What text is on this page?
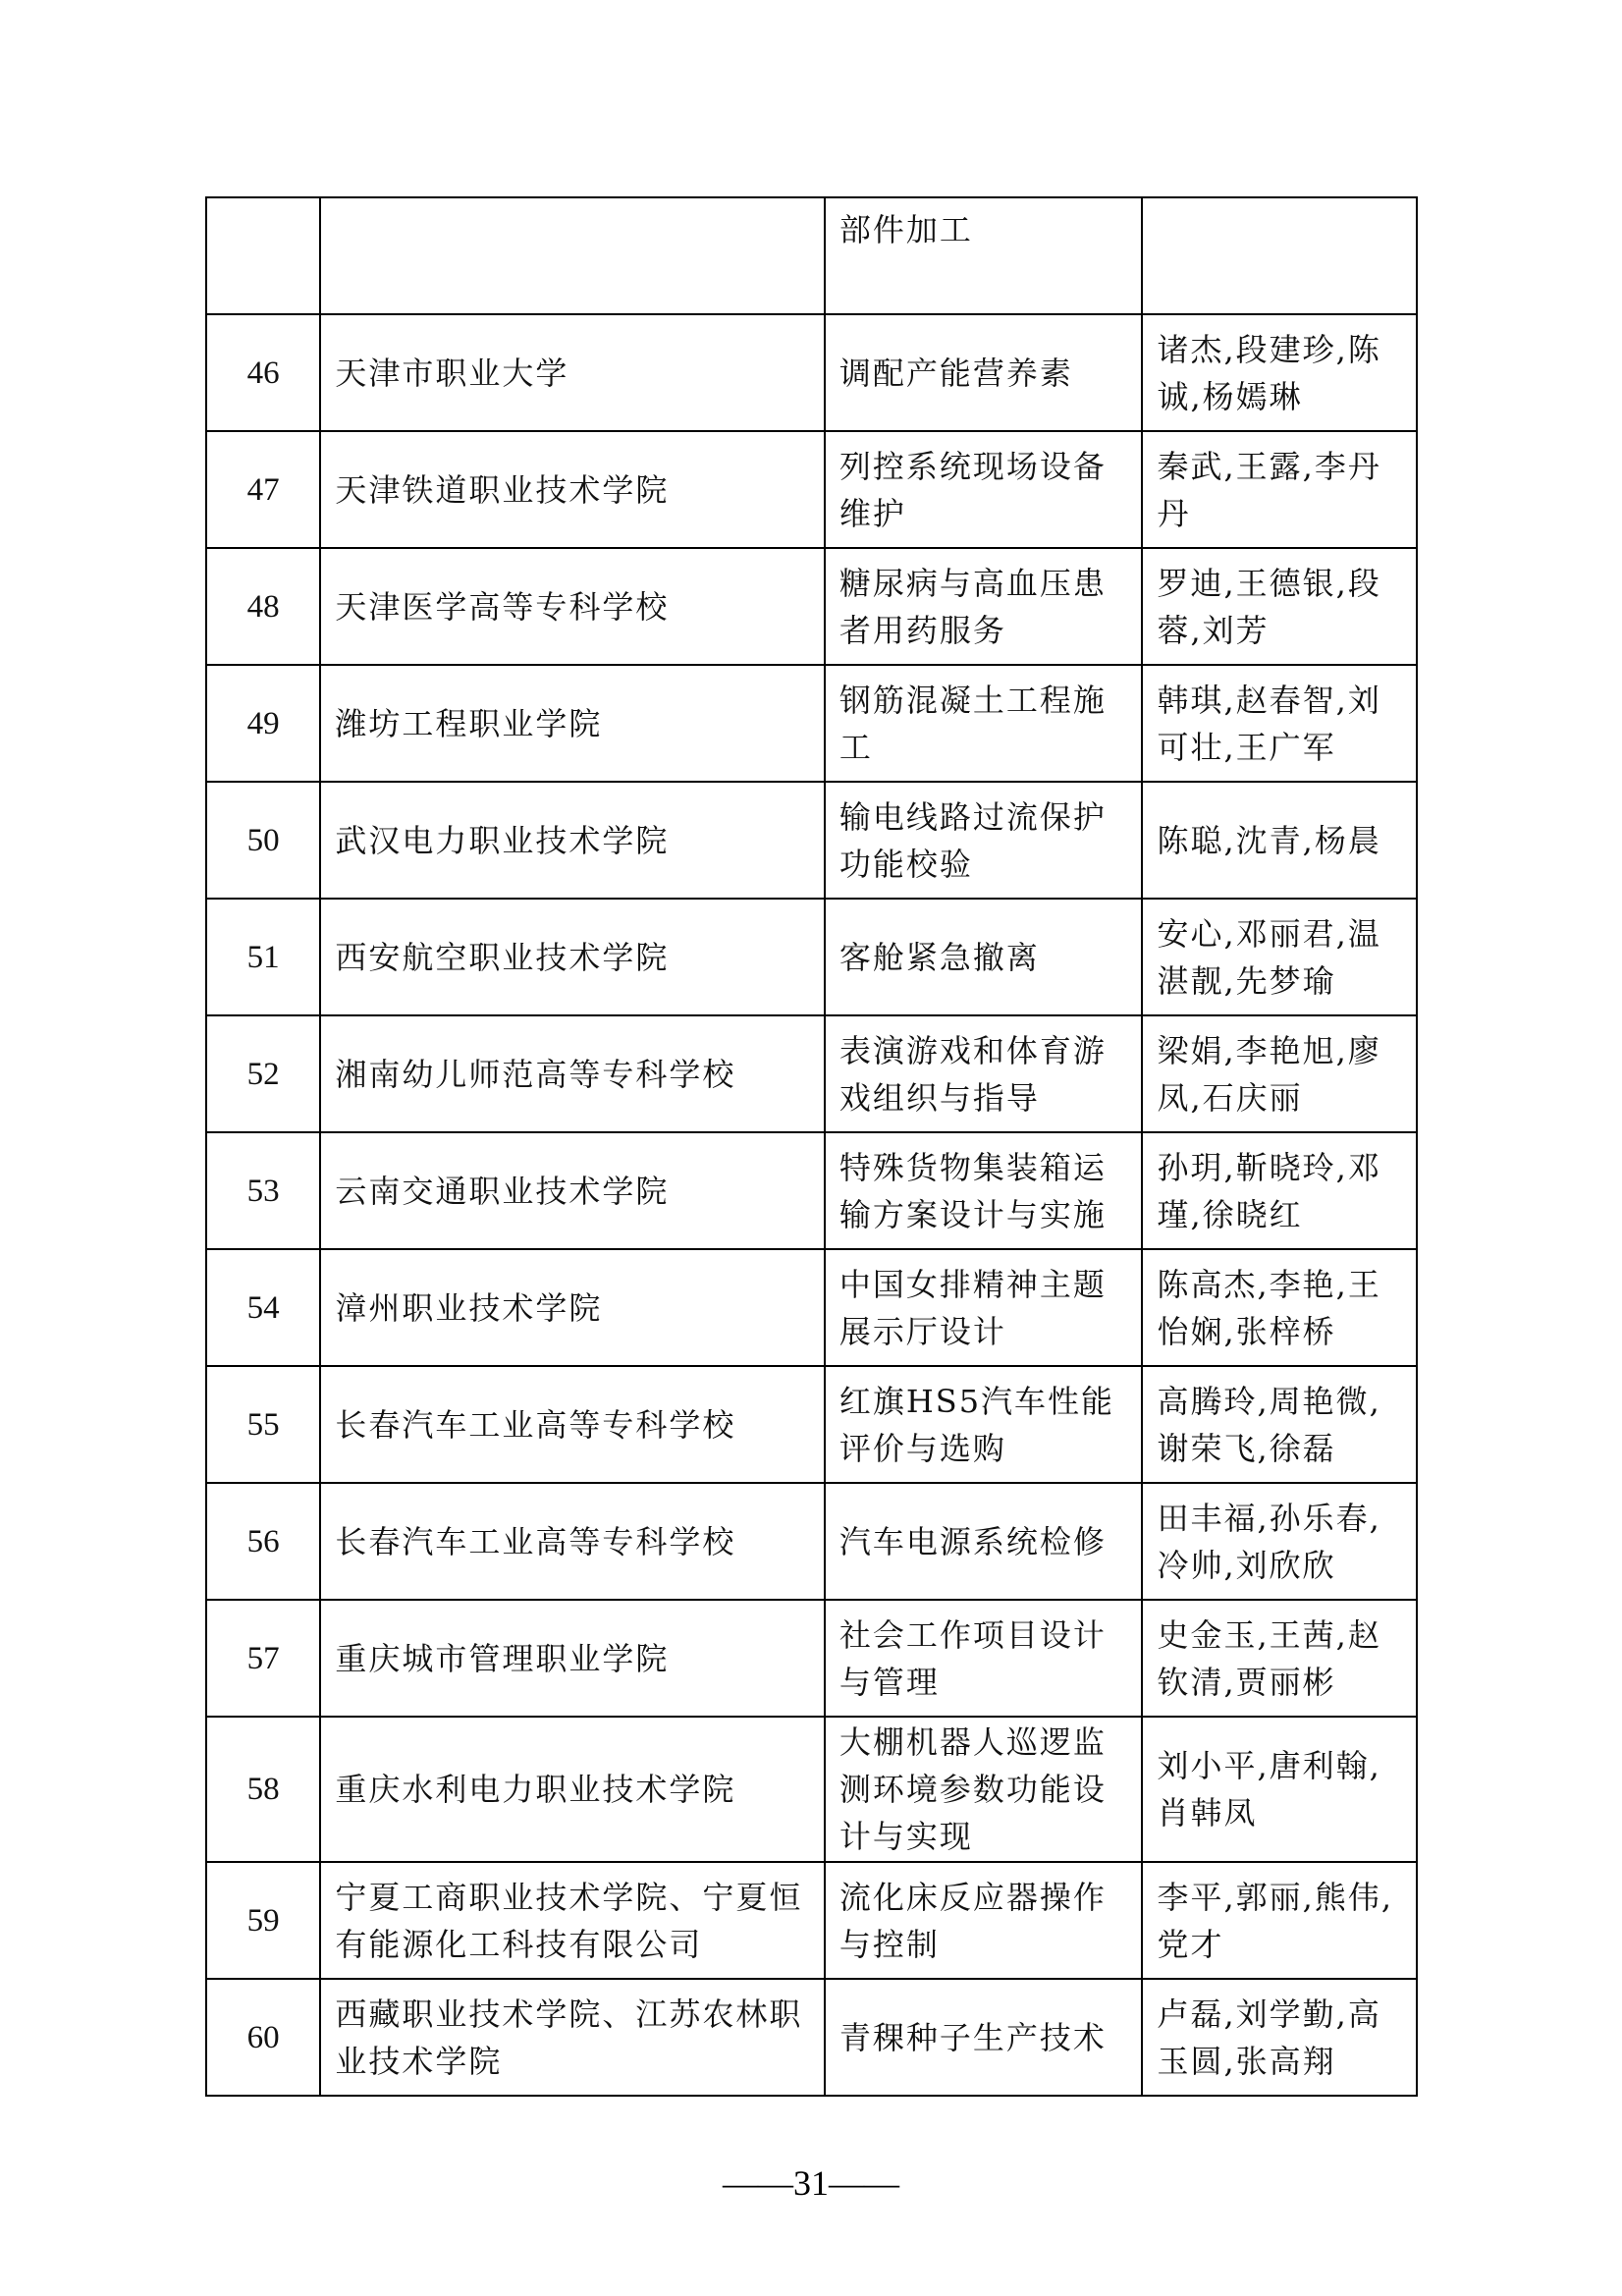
		部件加工	
46	天津市职业大学	调配产能营养素	诸杰,段建珍,陈诚,杨嫣琳
47	天津铁道职业技术学院	列控系统现场设备维护	秦武,王露,李丹丹
48	天津医学高等专科学校	糖尿病与高血压患者用药服务	罗迪,王德银,段蓉,刘芳
49	潍坊工程职业学院	钢筋混凝土工程施工	韩琪,赵春智,刘可壮,王广军
50	武汉电力职业技术学院	输电线路过流保护功能校验	陈聪,沈青,杨晨
51	西安航空职业技术学院	客舱紧急撤离	安心,邓丽君,温湛靓,先梦瑜
52	湘南幼儿师范高等专科学校	表演游戏和体育游戏组织与指导	梁娟,李艳旭,廖凤,石庆丽
53	云南交通职业技术学院	特殊货物集装箱运输方案设计与实施	孙玥,靳晓玲,邓瑾,徐晓红
54	漳州职业技术学院	中国女排精神主题展示厅设计	陈高杰,李艳,王怡娴,张梓桥
55	长春汽车工业高等专科学校	红旗HS5汽车性能评价与选购	高腾玲,周艳微,谢荣飞,徐磊
56	长春汽车工业高等专科学校	汽车电源系统检修	田丰福,孙乐春,冷帅,刘欣欣
57	重庆城市管理职业学院	社会工作项目设计与管理	史金玉,王茜,赵钦清,贾丽彬
58	重庆水利电力职业技术学院	大棚机器人巡逻监测环境参数功能设计与实现	刘小平,唐利翰,肖韩凤
59	宁夏工商职业技术学院、宁夏恒有能源化工科技有限公司	流化床反应器操作与控制	李平,郭丽,熊伟,党才
60	西藏职业技术学院、江苏农林职业技术学院	青稞种子生产技术	卢磊,刘学勤,高玉圆,张高翔
——31——
